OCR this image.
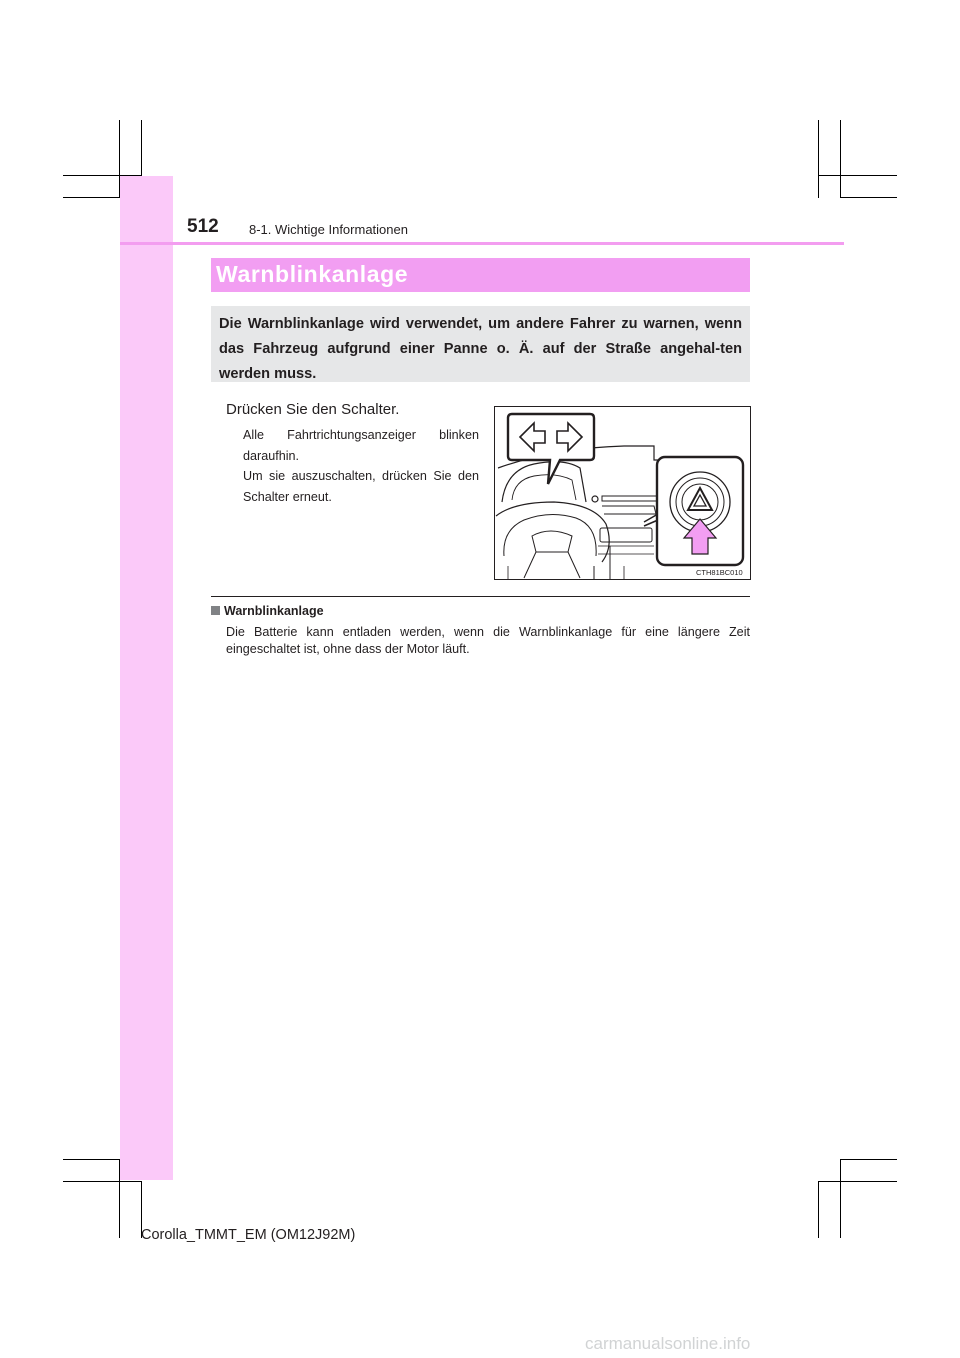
512 8-1. Wichtige Informationen
Warnblinkanlage
Die Warnblinkanlage wird verwendet, um andere Fahrer zu warnen, wenn das Fahrzeug aufgrund einer Panne o. Ä. auf der Straße angehal-ten werden muss.
Drücken Sie den Schalter.
Alle Fahrtrichtungsanzeiger blinken daraufhin.
Um sie auszuschalten, drücken Sie den Schalter erneut.
CTH81BC010
Warnblinkanlage
Die Batterie kann entladen werden, wenn die Warnblinkanlage für eine längere Zeit eingeschaltet ist, ohne dass der Motor läuft.
Corolla_TMMT_EM (OM12J92M)
carmanualsonline.info
